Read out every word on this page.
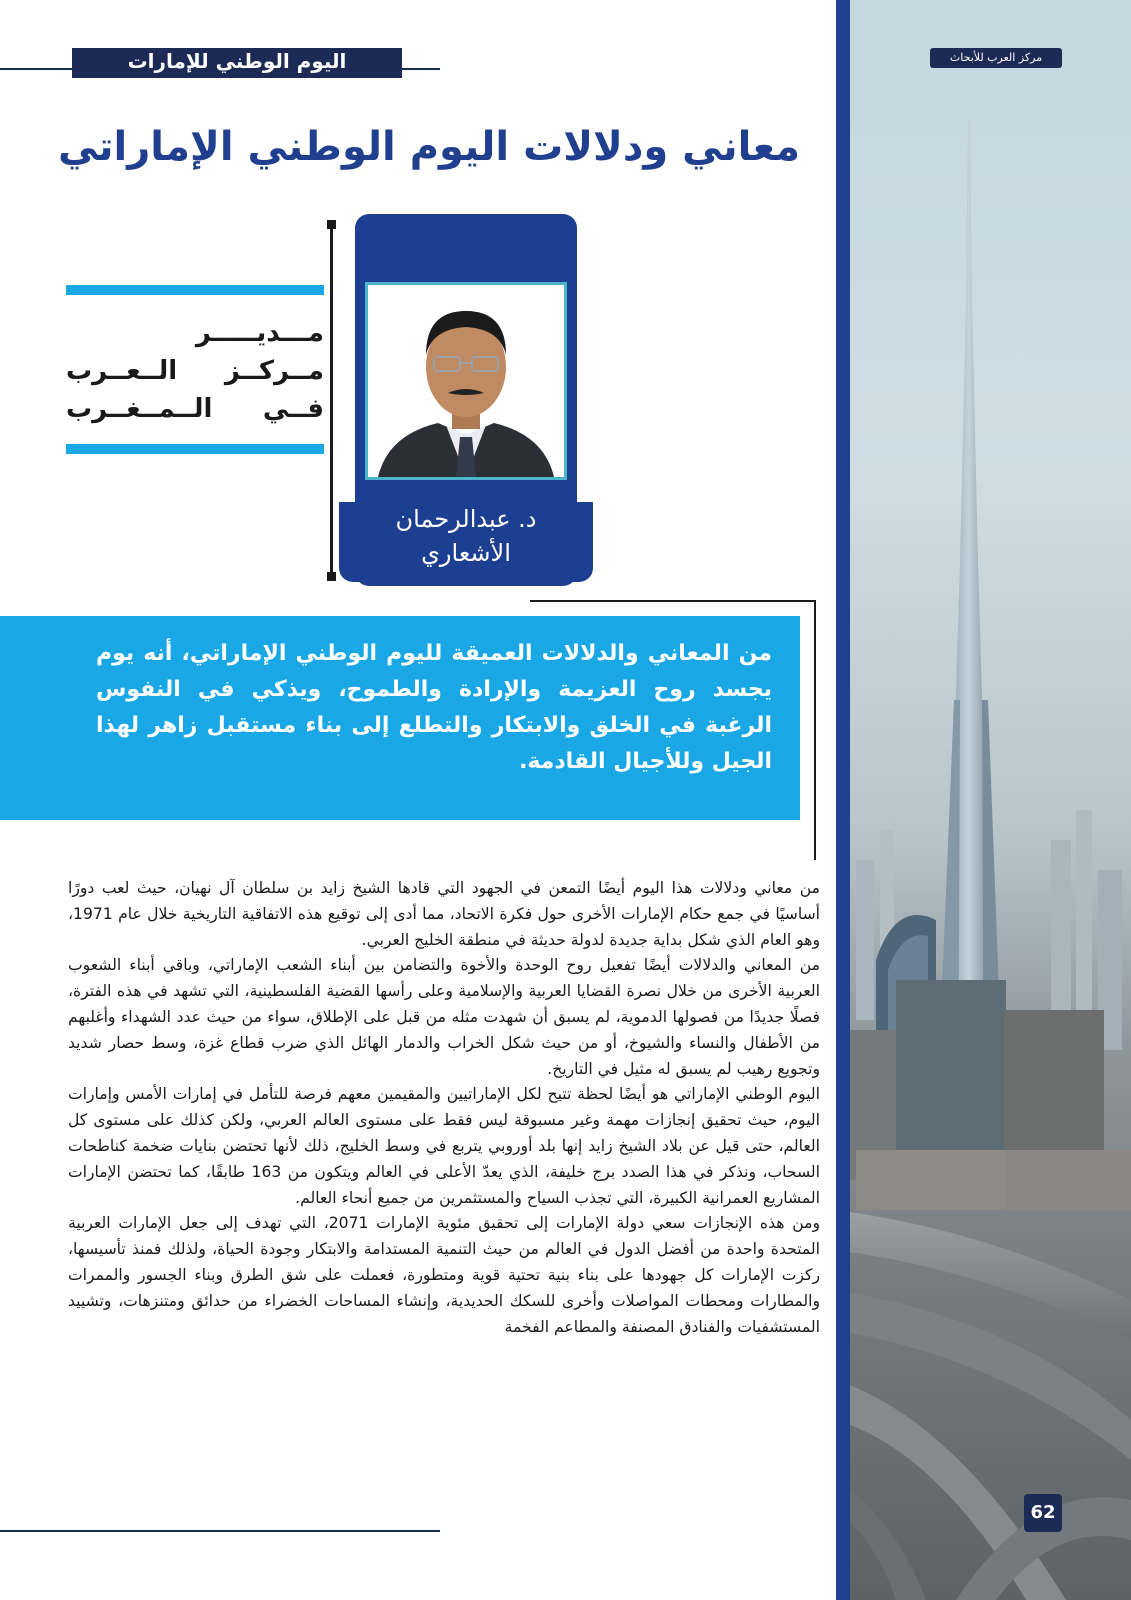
مركز العرب للأبحاث
62
اليوم الوطني للإمارات
معاني ودلالات اليوم الوطني الإماراتي
مـــديـــــر
مــركــز الــعــرب
فــي الــمــغــرب
د. عبدالرحمان
الأشعاري

من المعاني والدلالات العميقة لليوم الوطني الإماراتي، أنه يوم يجسد روح العزيمة والإرادة والطموح، ويذكي في النفوس الرغبة في الخلق والابتكار والتطلع إلى بناء مستقبل زاهر لهذا الجيل وللأجيال القادمة.

من معاني ودلالات هذا اليوم أيضًا التمعن في الجهود التي قادها الشيخ زايد بن سلطان آل نهيان، حيث لعب دورًا أساسيًا في جمع حكام الإمارات الأخرى حول فكرة الاتحاد، مما أدى إلى توقيع هذه الاتفاقية التاريخية خلال عام 1971، وهو العام الذي شكل بداية جديدة لدولة حديثة في منطقة الخليج العربي.

من المعاني والدلالات أيضًا تفعيل روح الوحدة والأخوة والتضامن بين أبناء الشعب الإماراتي، وباقي أبناء الشعوب العربية الأخرى من خلال نصرة القضايا العربية والإسلامية وعلى رأسها القضية الفلسطينية، التي تشهد في هذه الفترة، فصلًا جديدًا من فصولها الدموية، لم يسبق أن شهدت مثله من قبل على الإطلاق، سواء من حيث عدد الشهداء وأغلبهم من الأطفال والنساء والشيوخ، أو من حيث شكل الخراب والدمار الهائل الذي ضرب قطاع غزة، وسط حصار شديد وتجويع رهيب لم يسبق له مثيل في التاريخ.

اليوم الوطني الإماراتي هو أيضًا لحظة تتيح لكل الإماراتيين والمقيمين معهم فرصة للتأمل في إمارات الأمس وإمارات اليوم، حيث تحقيق إنجازات مهمة وغير مسبوقة ليس فقط على مستوى العالم العربي، ولكن كذلك على مستوى كل العالم، حتى قيل عن بلاد الشيخ زايد إنها بلد أوروبي يتربع في وسط الخليج، ذلك لأنها تحتضن بنايات ضخمة كناطحات السحاب، ونذكر في هذا الصدد برج خليفة، الذي يعدّ الأعلى في العالم ويتكون من 163 طابقًا، كما تحتضن الإمارات المشاريع العمرانية الكبيرة، التي تجذب السياح والمستثمرين من جميع أنحاء العالم.

ومن هذه الإنجازات سعي دولة الإمارات إلى تحقيق مئوية الإمارات 2071، التي تهدف إلى جعل الإمارات العربية المتحدة واحدة من أفضل الدول في العالم من حيث التنمية المستدامة والابتكار وجودة الحياة، ولذلك فمنذ تأسيسها، ركزت الإمارات كل جهودها على بناء بنية تحتية قوية ومتطورة، فعملت على شق الطرق وبناء الجسور والممرات والمطارات ومحطات المواصلات وأخرى للسكك الحديدية، وإنشاء المساحات الخضراء من حدائق ومتنزهات، وتشييد المستشفيات والفنادق المصنفة والمطاعم الفخمة
